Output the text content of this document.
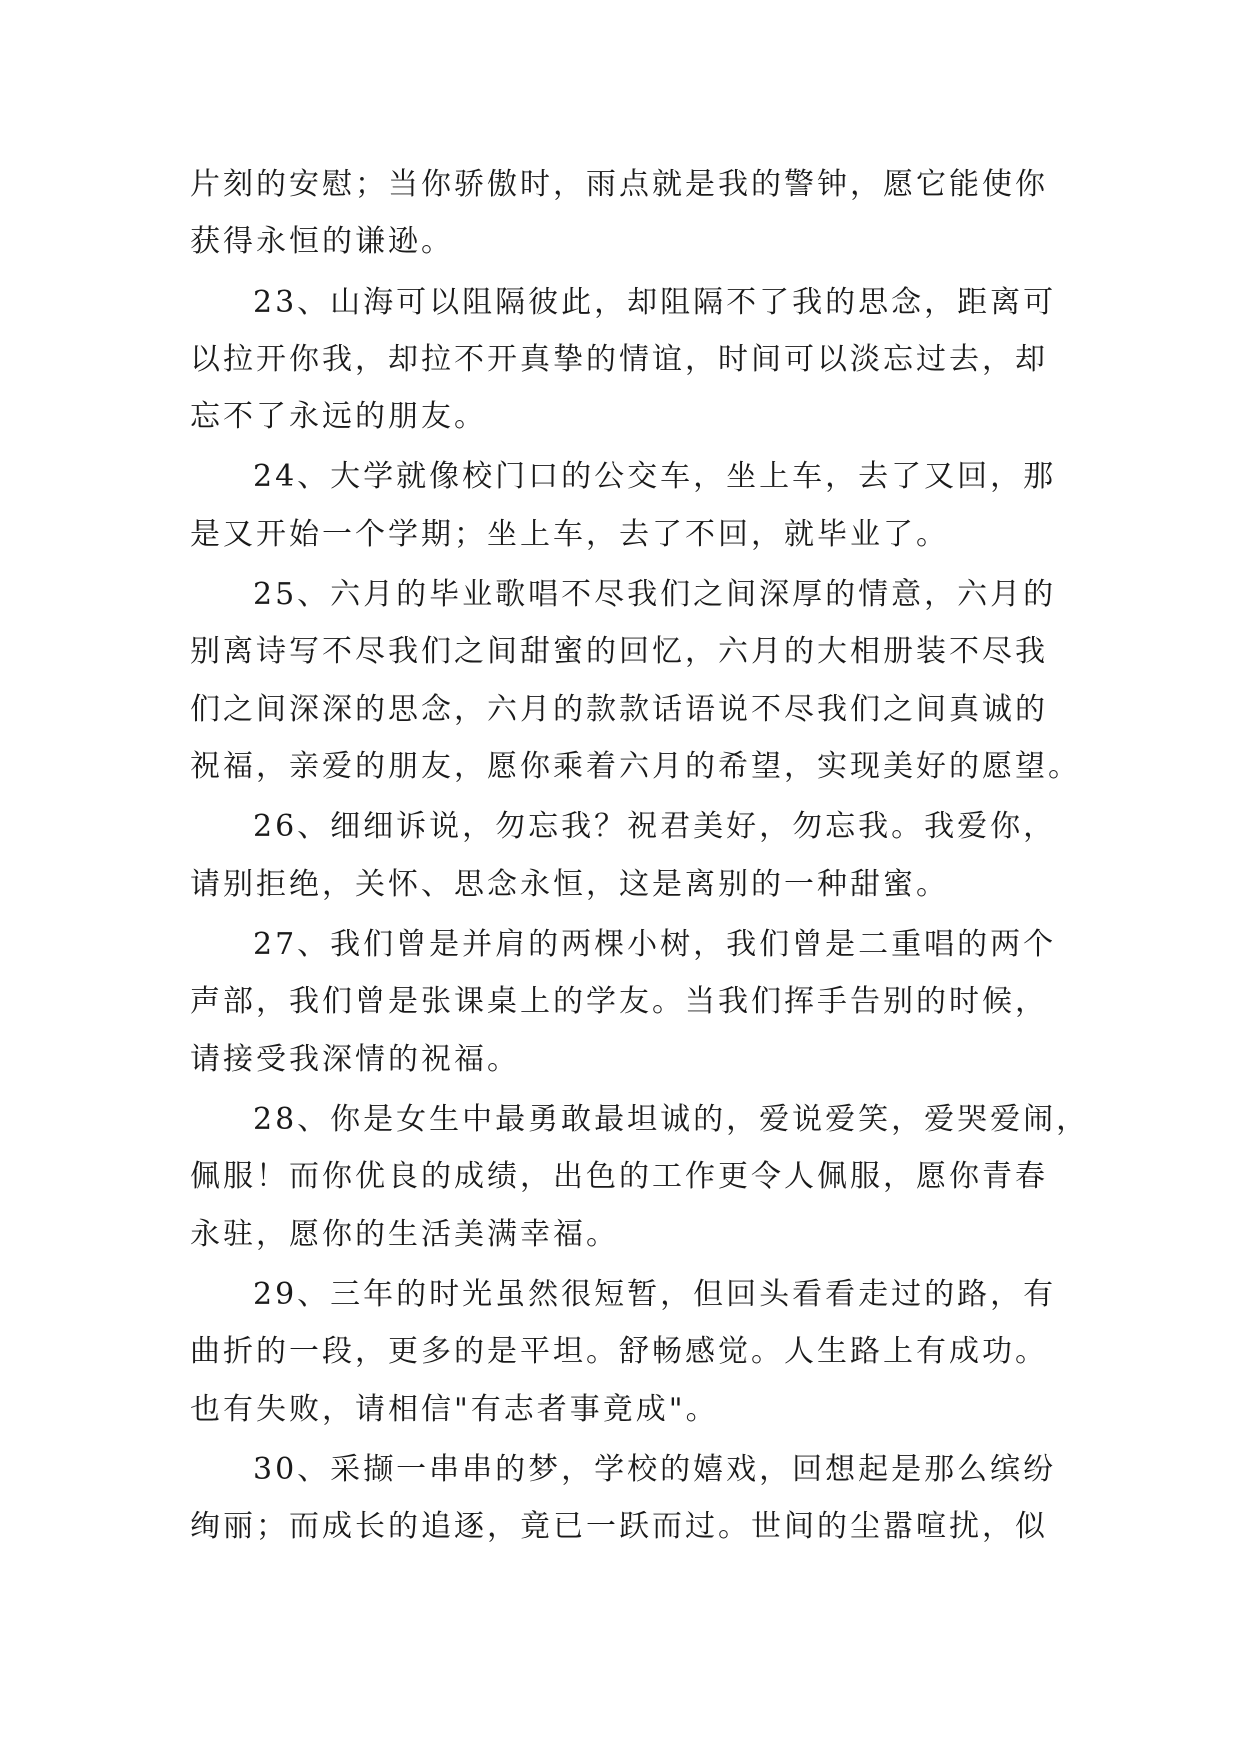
片刻的安慰；当你骄傲时，雨点就是我的警钟，愿它能使你
获得永恒的谦逊。
23、山海可以阻隔彼此，却阻隔不了我的思念，距离可
以拉开你我，却拉不开真挚的情谊，时间可以淡忘过去，却
忘不了永远的朋友。
24、大学就像校门口的公交车，坐上车，去了又回，那
是又开始一个学期；坐上车，去了不回，就毕业了。
25、六月的毕业歌唱不尽我们之间深厚的情意，六月的
别离诗写不尽我们之间甜蜜的回忆，六月的大相册装不尽我
们之间深深的思念，六月的款款话语说不尽我们之间真诚的
祝福，亲爱的朋友，愿你乘着六月的希望，实现美好的愿望。
26、细细诉说，勿忘我？祝君美好，勿忘我。我爱你，
请别拒绝，关怀、思念永恒，这是离别的一种甜蜜。
27、我们曾是并肩的两棵小树，我们曾是二重唱的两个
声部，我们曾是张课桌上的学友。当我们挥手告别的时候，
请接受我深情的祝福。
28、你是女生中最勇敢最坦诚的，爱说爱笑，爱哭爱闹，
佩服！而你优良的成绩，出色的工作更令人佩服，愿你青春
永驻，愿你的生活美满幸福。
29、三年的时光虽然很短暂，但回头看看走过的路，有
曲折的一段，更多的是平坦。舒畅感觉。人生路上有成功。
也有失败，请相信"有志者事竟成"。
30、采撷一串串的梦，学校的嬉戏，回想起是那么缤纷
绚丽；而成长的追逐，竟已一跃而过。世间的尘嚣喧扰，似
